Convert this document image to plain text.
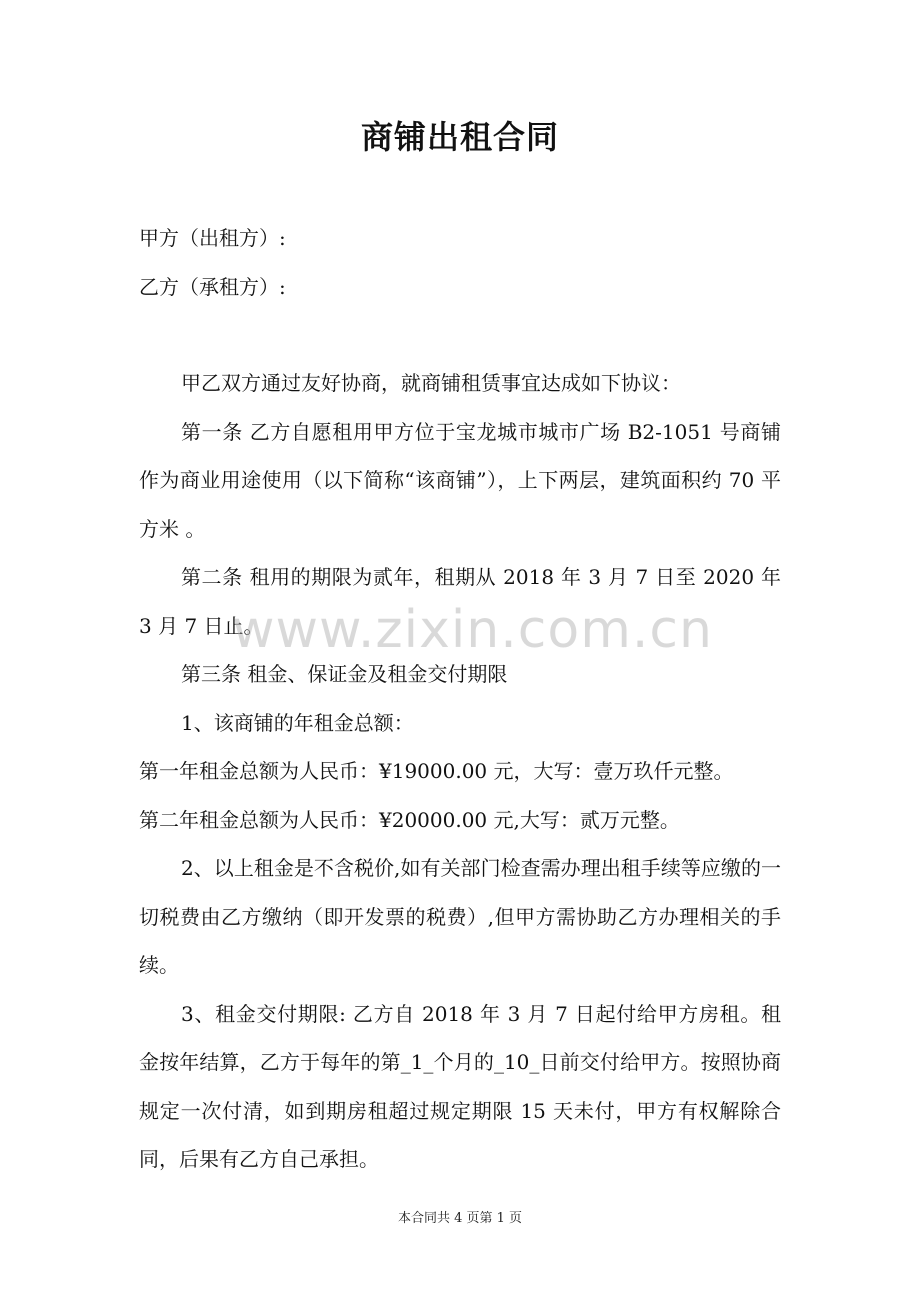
商铺出租合同

甲方（出租方）:

乙方（承租方）:

甲乙双方通过友好协商，就商铺租赁事宜达成如下协议：

第一条 乙方自愿租用甲方位于宝龙城市城市广场 B2-1051 号商铺作为商业用途使用（以下简称“该商铺”），上下两层，建筑面积约 70 平方米 。

第二条 租用的期限为贰年，租期从 2018 年 3 月 7 日至 2020 年 3 月 7 日止。

第三条 租金、保证金及租金交付期限

1、该商铺的年租金总额：

第一年租金总额为人民币：¥19000.00 元，大写：壹万玖仟元整。

第二年租金总额为人民币：¥20000.00 元,大写：贰万元整。

2、以上租金是不含税价,如有关部门检查需办理出租手续等应缴的一切税费由乙方缴纳（即开发票的税费）,但甲方需协助乙方办理相关的手续。

3、租金交付期限: 乙方自 2018 年 3 月 7 日起付给甲方房租。租金按年结算，乙方于每年的第_1_个月的_10_日前交付给甲方。按照协商规定一次付清，如到期房租超过规定期限 15 天未付，甲方有权解除合同，后果有乙方自己承担。

www.zixin.com.cn
本合同共 4 页第 1 页
